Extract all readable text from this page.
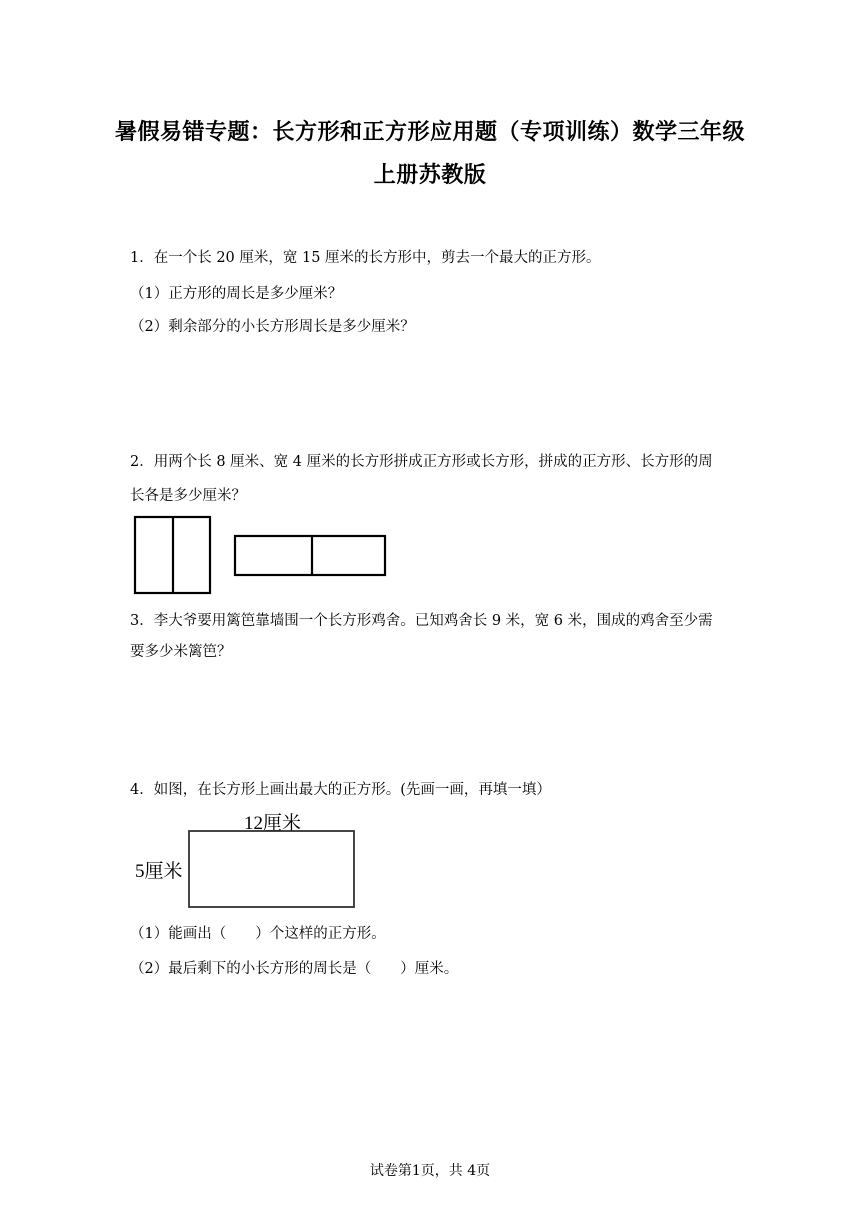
暑假易错专题：长方形和正方形应用题（专项训练）数学三年级
上册苏教版
1．在一个长 20 厘米，宽 15 厘米的长方形中，剪去一个最大的正方形。
（1）正方形的周长是多少厘米？
（2）剩余部分的小长方形周长是多少厘米？
2．用两个长 8 厘米、宽 4 厘米的长方形拼成正方形或长方形，拼成的正方形、长方形的周
长各是多少厘米？
3．李大爷要用篱笆靠墙围一个长方形鸡舍。已知鸡舍长 9 米，宽 6 米，围成的鸡舍至少需
要多少米篱笆？
4．如图，在长方形上画出最大的正方形。(先画一画，再填一填）
12厘米
5厘米
（1）能画出（　　）个这样的正方形。
（2）最后剩下的小长方形的周长是（　　）厘米。
试卷第1页，共 4页
